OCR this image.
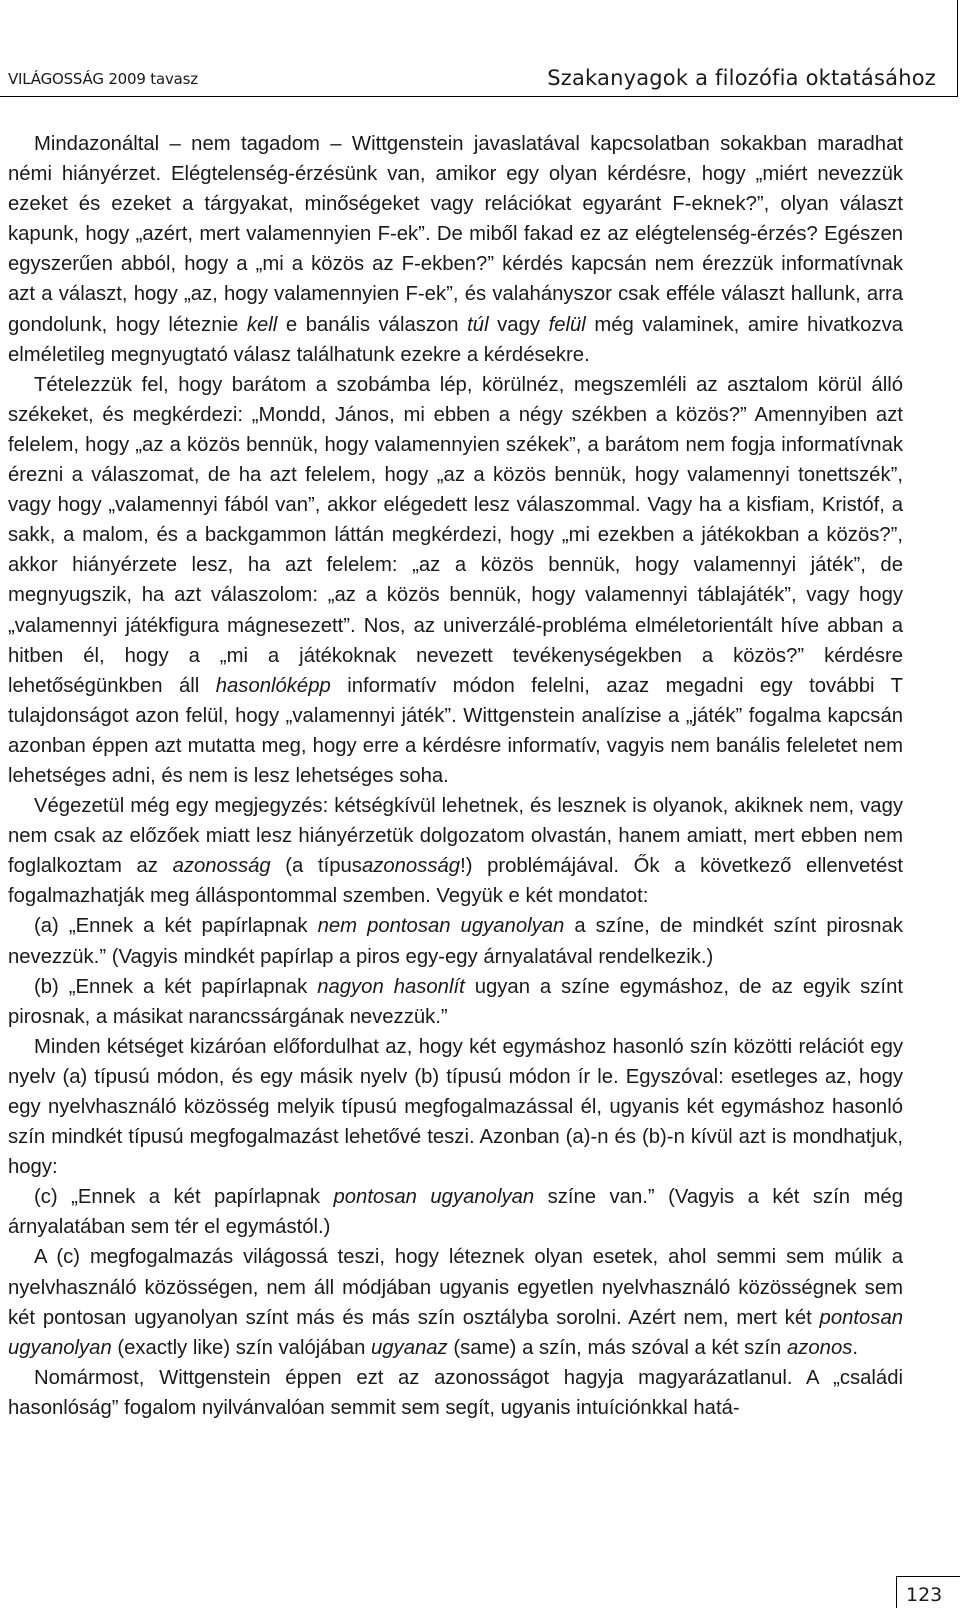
VILÁGOSSÁG 2009 tavasz	Szakanyagok a filozófia oktatásához

Mindazonáltal – nem tagadom – Wittgenstein javaslatával kapcsolatban sokakban maradhat némi hiányérzet. Elégtelenség-érzésünk van, amikor egy olyan kérdésre, hogy „miért nevezzük ezeket és ezeket a tárgyakat, minőségeket vagy relációkat egyaránt F-eknek?”, olyan választ kapunk, hogy „azért, mert valamennyien F-ek”. De miből fakad ez az elégtelenség-érzés? Egészen egyszerűen abból, hogy a „mi a közös az F-ekben?” kérdés kapcsán nem érezzük informatívnak azt a választ, hogy „az, hogy valamennyien F-ek”, és valahányszor csak efféle választ hallunk, arra gondolunk, hogy léteznie kell e banális válaszon túl vagy felül még valaminek, amire hivatkozva elméletileg megnyugtató válasz találhatunk ezekre a kérdésekre.

Tételezzük fel, hogy barátom a szobámba lép, körülnéz, megszemléli az asztalom körül álló székeket, és megkérdezi: „Mondd, János, mi ebben a négy székben a közös?” Amennyiben azt felelem, hogy „az a közös bennük, hogy valamennyien székek”, a barátom nem fogja informatívnak érezni a válaszomat, de ha azt felelem, hogy „az a közös bennük, hogy valamennyi tonettszék”, vagy hogy „valamennyi fából van”, akkor elégedett lesz válaszommal. Vagy ha a kisfiam, Kristóf, a sakk, a malom, és a backgammon láttán megkérdezi, hogy „mi ezekben a játékokban a közös?”, akkor hiányérzete lesz, ha azt felelem: „az a közös bennük, hogy valamennyi játék”, de megnyugszik, ha azt válaszolom: „az a közös bennük, hogy valamennyi táblajáték”, vagy hogy „valamennyi játékfigura mágnesezett”. Nos, az univerzálé-probléma elméletorientált híve abban a hitben él, hogy a „mi a játékoknak nevezett tevékenységekben a közös?” kérdésre lehetőségünkben áll hasonlóképp informatív módon felelni, azaz megadni egy további T tulajdonságot azon felül, hogy „valamennyi játék”. Wittgenstein analízise a „játék” fogalma kapcsán azonban éppen azt mutatta meg, hogy erre a kérdésre informatív, vagyis nem banális feleletet nem lehetséges adni, és nem is lesz lehetséges soha.

Végezetül még egy megjegyzés: kétségkívül lehetnek, és lesznek is olyanok, akiknek nem, vagy nem csak az előzőek miatt lesz hiányérzetük dolgozatom olvastán, hanem amiatt, mert ebben nem foglalkoztam az azonosság (a típusazonosság!) problémájával. Ők a következő ellenvetést fogalmazhatják meg álláspontommal szemben. Vegyük e két mondatot:

(a) „Ennek a két papírlapnak nem pontosan ugyanolyan a színe, de mindkét színt pirosnak nevezzük.” (Vagyis mindkét papírlap a piros egy-egy árnyalatával rendelkezik.)

(b) „Ennek a két papírlapnak nagyon hasonlít ugyan a színe egymáshoz, de az egyik színt pirosnak, a másikat narancssárgának nevezzük.”

Minden kétséget kizáróan előfordulhat az, hogy két egymáshoz hasonló szín közötti relációt egy nyelv (a) típusú módon, és egy másik nyelv (b) típusú módon ír le. Egyszóval: esetleges az, hogy egy nyelvhasználó közösség melyik típusú megfogalmazással él, ugyanis két egymáshoz hasonló szín mindkét típusú megfogalmazást lehetővé teszi. Azonban (a)-n és (b)-n kívül azt is mondhatjuk, hogy:

(c) „Ennek a két papírlapnak pontosan ugyanolyan színe van.” (Vagyis a két szín még árnyalatában sem tér el egymástól.)

A (c) megfogalmazás világossá teszi, hogy léteznek olyan esetek, ahol semmi sem múlik a nyelvhasználó közösségen, nem áll módjában ugyanis egyetlen nyelvhasználó közösségnek sem két pontosan ugyanolyan színt más és más szín osztályba sorolni. Azért nem, mert két pontosan ugyanolyan (exactly like) szín valójában ugyanaz (same) a szín, más szóval a két szín azonos.

Nomármost, Wittgenstein éppen ezt az azonosságot hagyja magyarázatlanul. A „családi hasonlóság” fogalom nyilvánvalóan semmit sem segít, ugyanis intuíciónkkal hatá-

123
